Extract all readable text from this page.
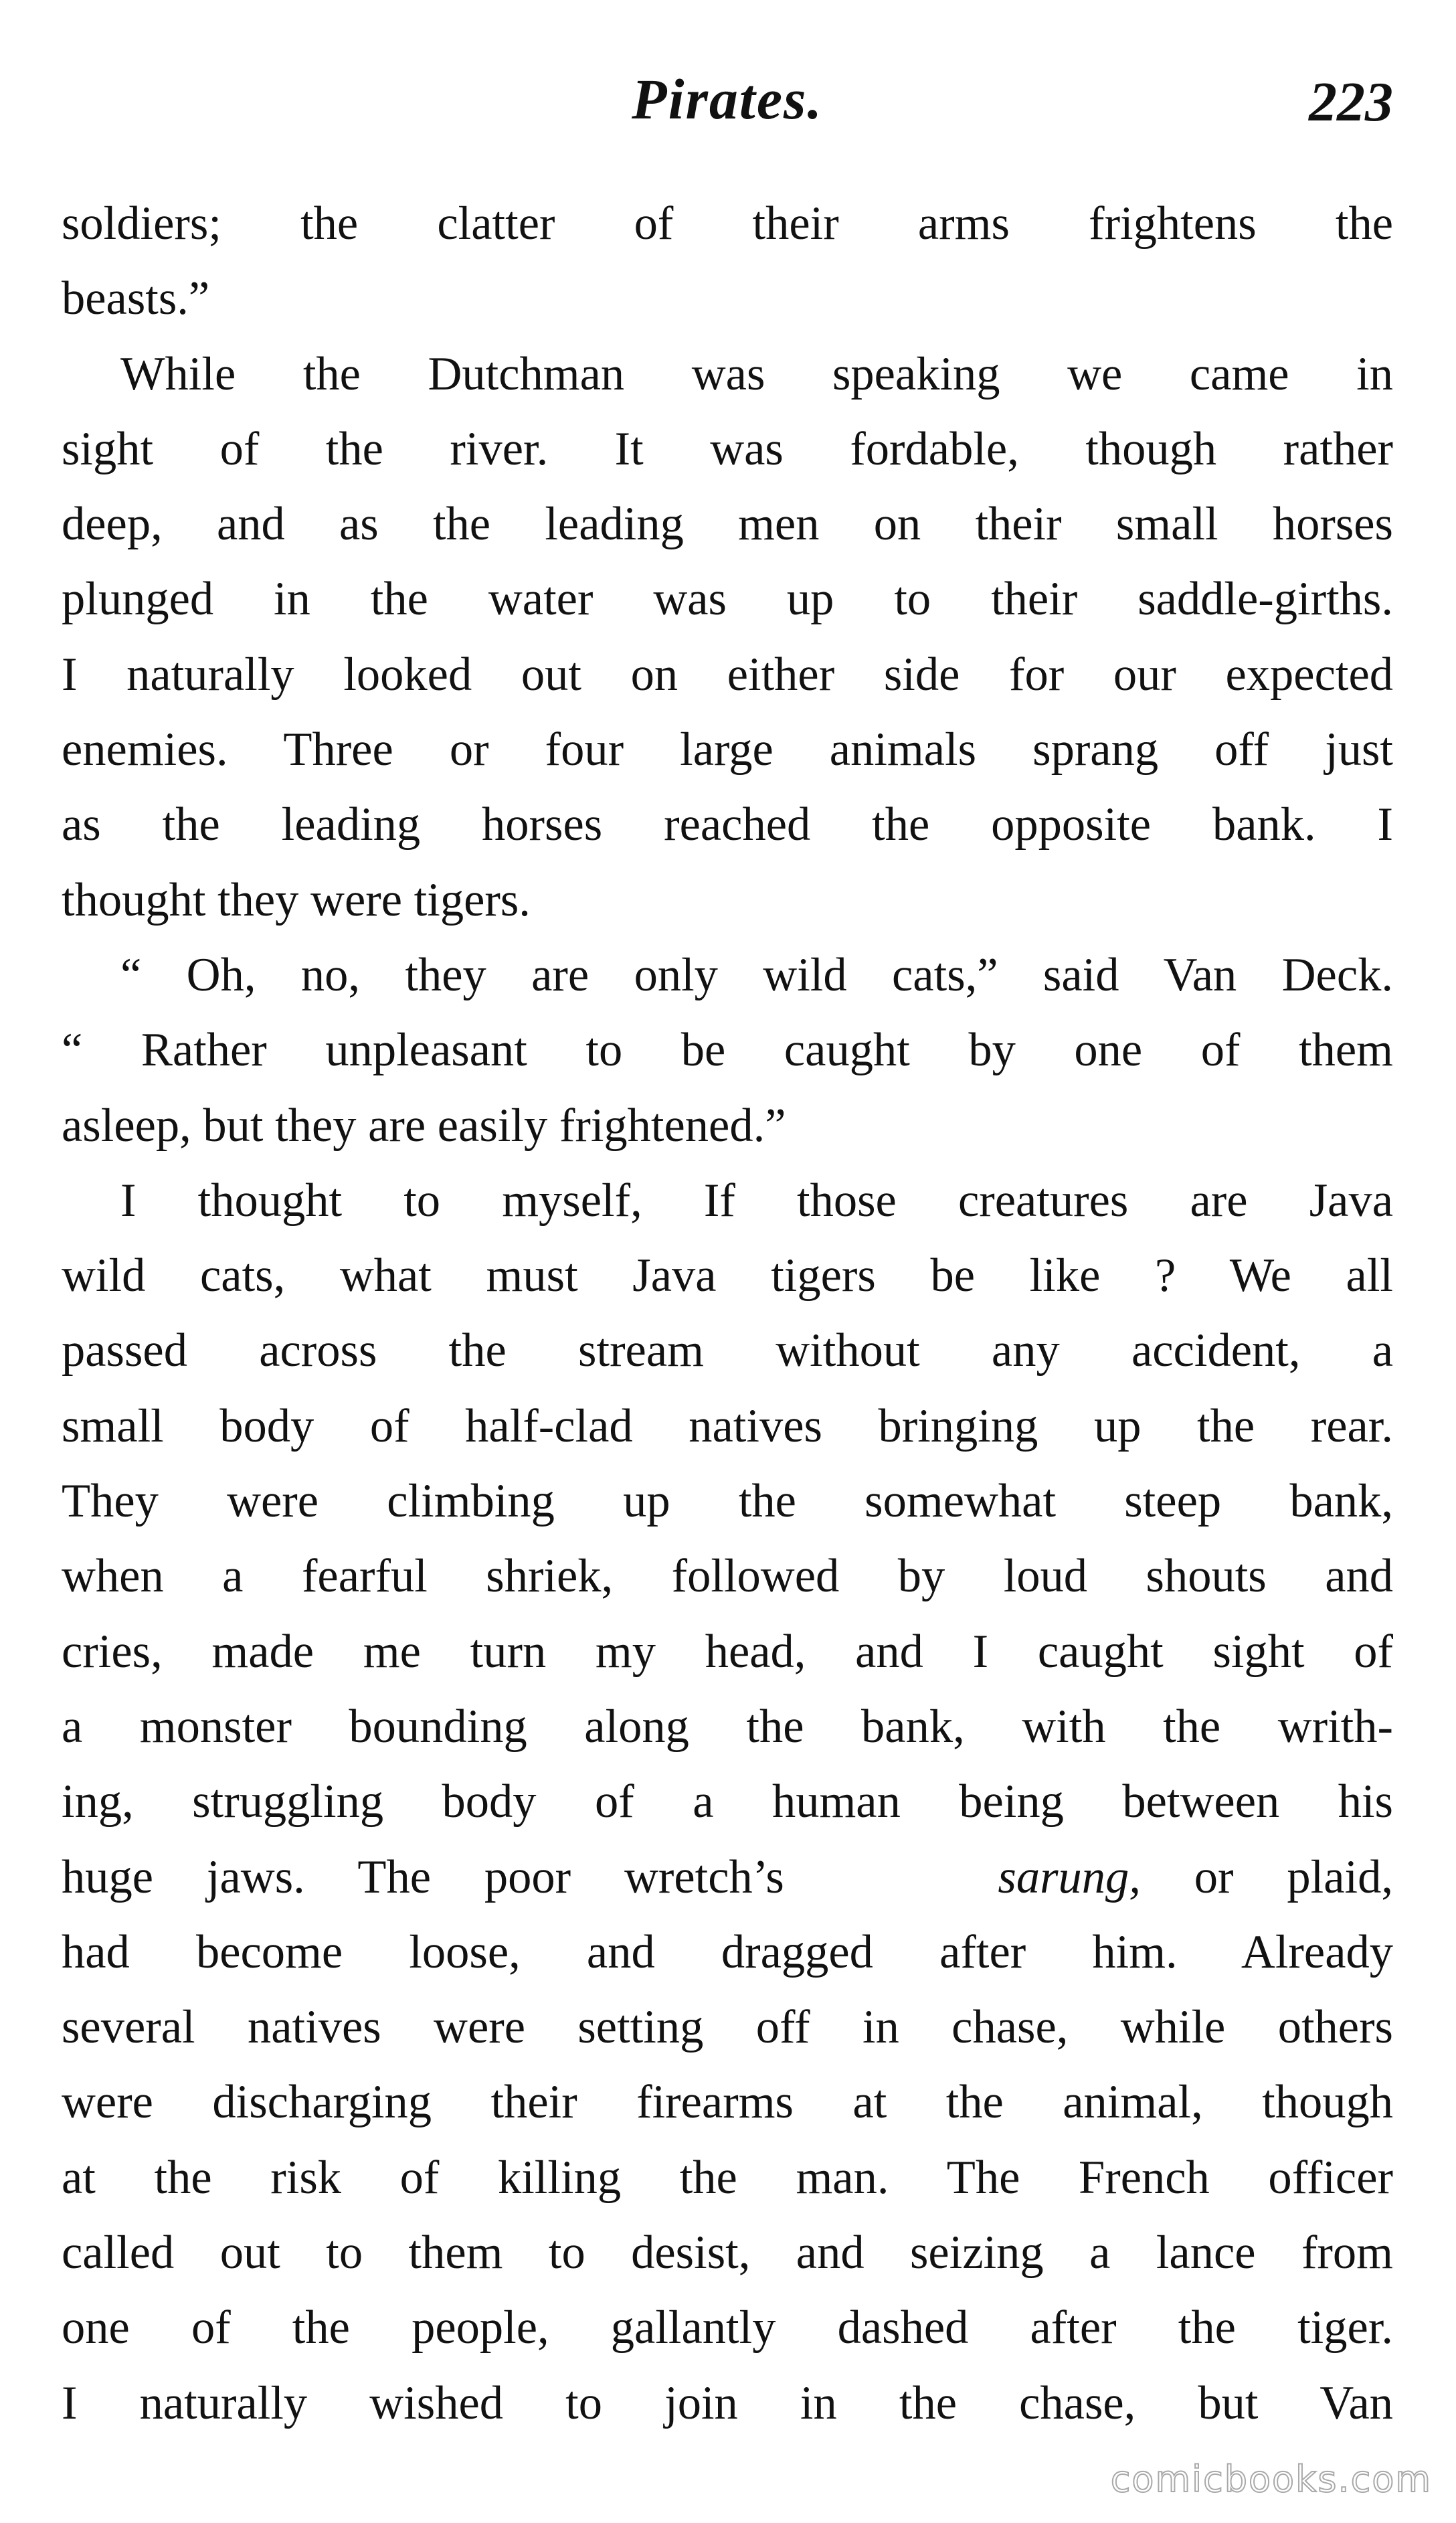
Pirates.	223
soldiers; the clatter of their arms frightens the
beasts.”
While the Dutchman was speaking we came in
sight of the river. It was fordable, though rather
deep, and as the leading men on their small horses
plunged in the water was up to their saddle-girths.
I naturally looked out on either side for our expected
enemies. Three or four large animals sprang off just
as the leading horses reached the opposite bank. I
thought they were tigers.
“ Oh, no, they are only wild cats,” said Van Deck.
“ Rather unpleasant to be caught by one of them
asleep, but they are easily frightened.”
I thought to myself, If those creatures are Java
wild cats, what must Java tigers be like ? We all
passed across the stream without any accident, a
small body of half-clad natives bringing up the rear.
They were climbing up the somewhat steep bank,
when a fearful shriek, followed by loud shouts and
cries, made me turn my head, and I caught sight of
a monster bounding along the bank, with the writh-
ing, struggling body of a human being between his
huge jaws. The poor wretch’s	sarung, or plaid,
had become loose, and dragged after him. Already
several natives were setting off in chase, while others
were discharging their firearms at the animal, though
at the risk of killing the man. The French officer
called out to them to desist, and seizing a lance from
one of the people, gallantly dashed after the tiger.
I naturally wished to join in the chase, but Van
comicbooks.com
